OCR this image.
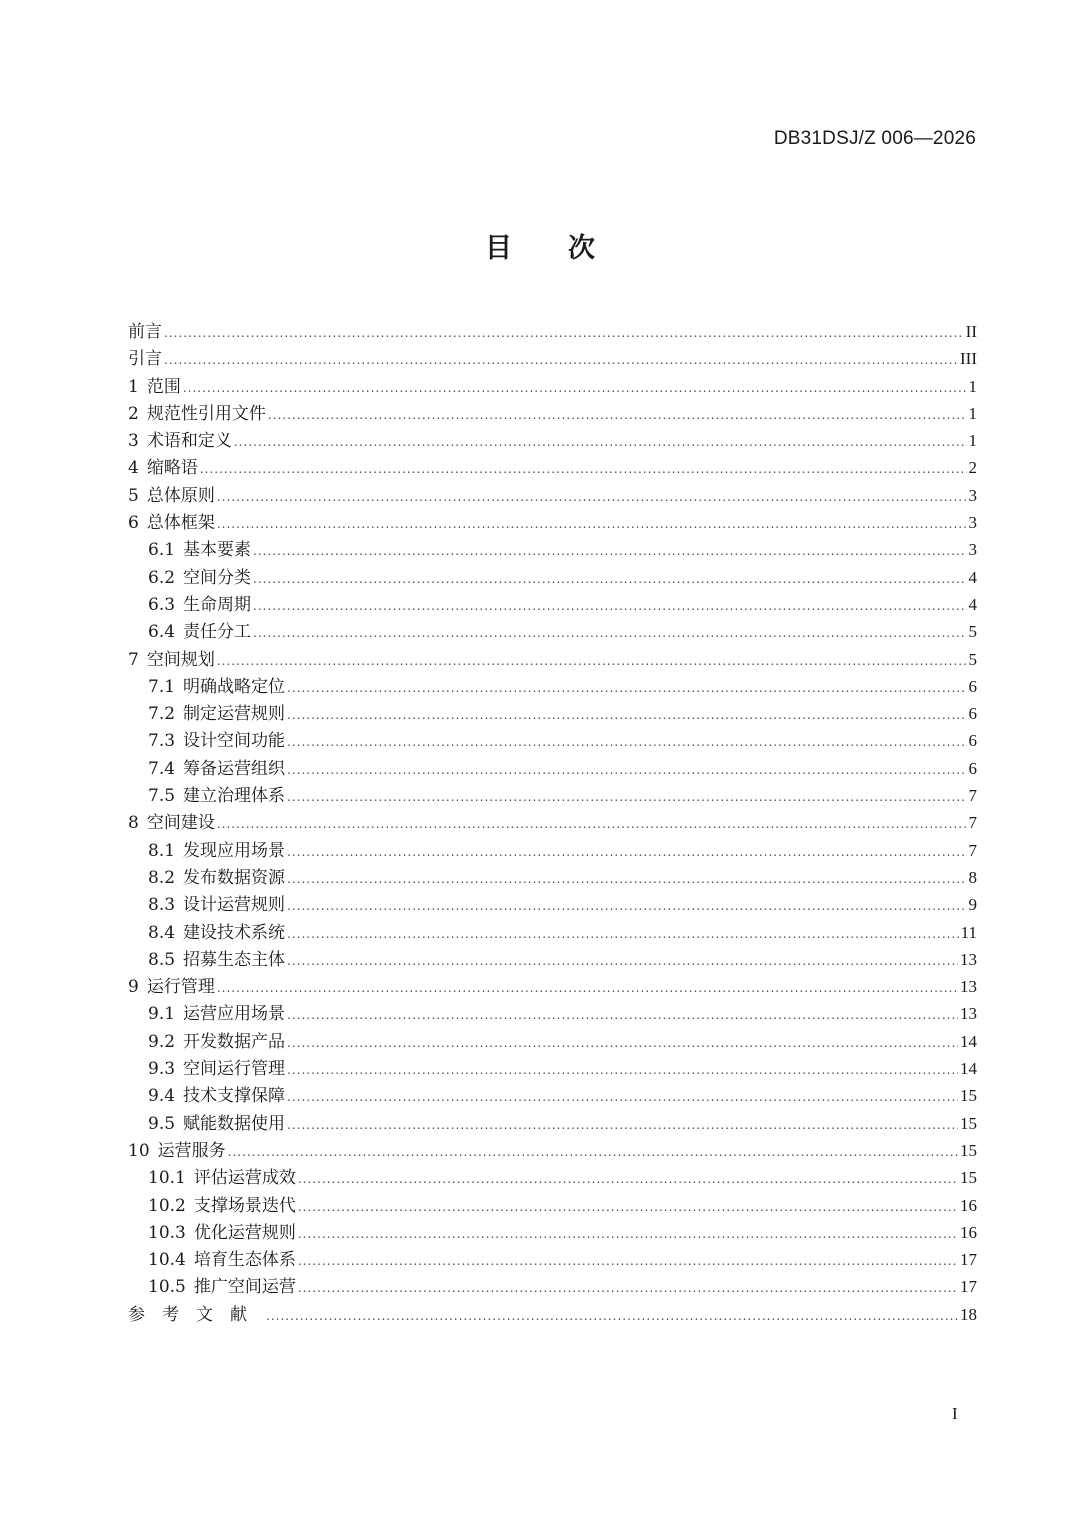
DB31DSJ/Z 006—2026
目次
前言 .....	II
引言 .....	III
1 范围 .....	1
2 规范性引用文件 .....	1
3 术语和定义 .....	1
4 缩略语 .....	2
5 总体原则 .....	3
6 总体框架 .....	3
6.1 基本要素 .....	3
6.2 空间分类 .....	4
6.3 生命周期 .....	4
6.4 责任分工 .....	5
7 空间规划 .....	5
7.1 明确战略定位 .....	6
7.2 制定运营规则 .....	6
7.3 设计空间功能 .....	6
7.4 筹备运营组织 .....	6
7.5 建立治理体系 .....	7
8 空间建设 .....	7
8.1 发现应用场景 .....	7
8.2 发布数据资源 .....	8
8.3 设计运营规则 .....	9
8.4 建设技术系统 .....	11
8.5 招募生态主体 .....	13
9 运行管理 .....	13
9.1 运营应用场景 .....	13
9.2 开发数据产品 .....	14
9.3 空间运行管理 .....	14
9.4 技术支撑保障 .....	15
9.5 赋能数据使用 .....	15
10 运营服务 .....	15
10.1 评估运营成效 .....	15
10.2 支撑场景迭代 .....	16
10.3 优化运营规则 .....	16
10.4 培育生态体系 .....	17
10.5 推广空间运营 .....	17
参考文献 .....	18
I
